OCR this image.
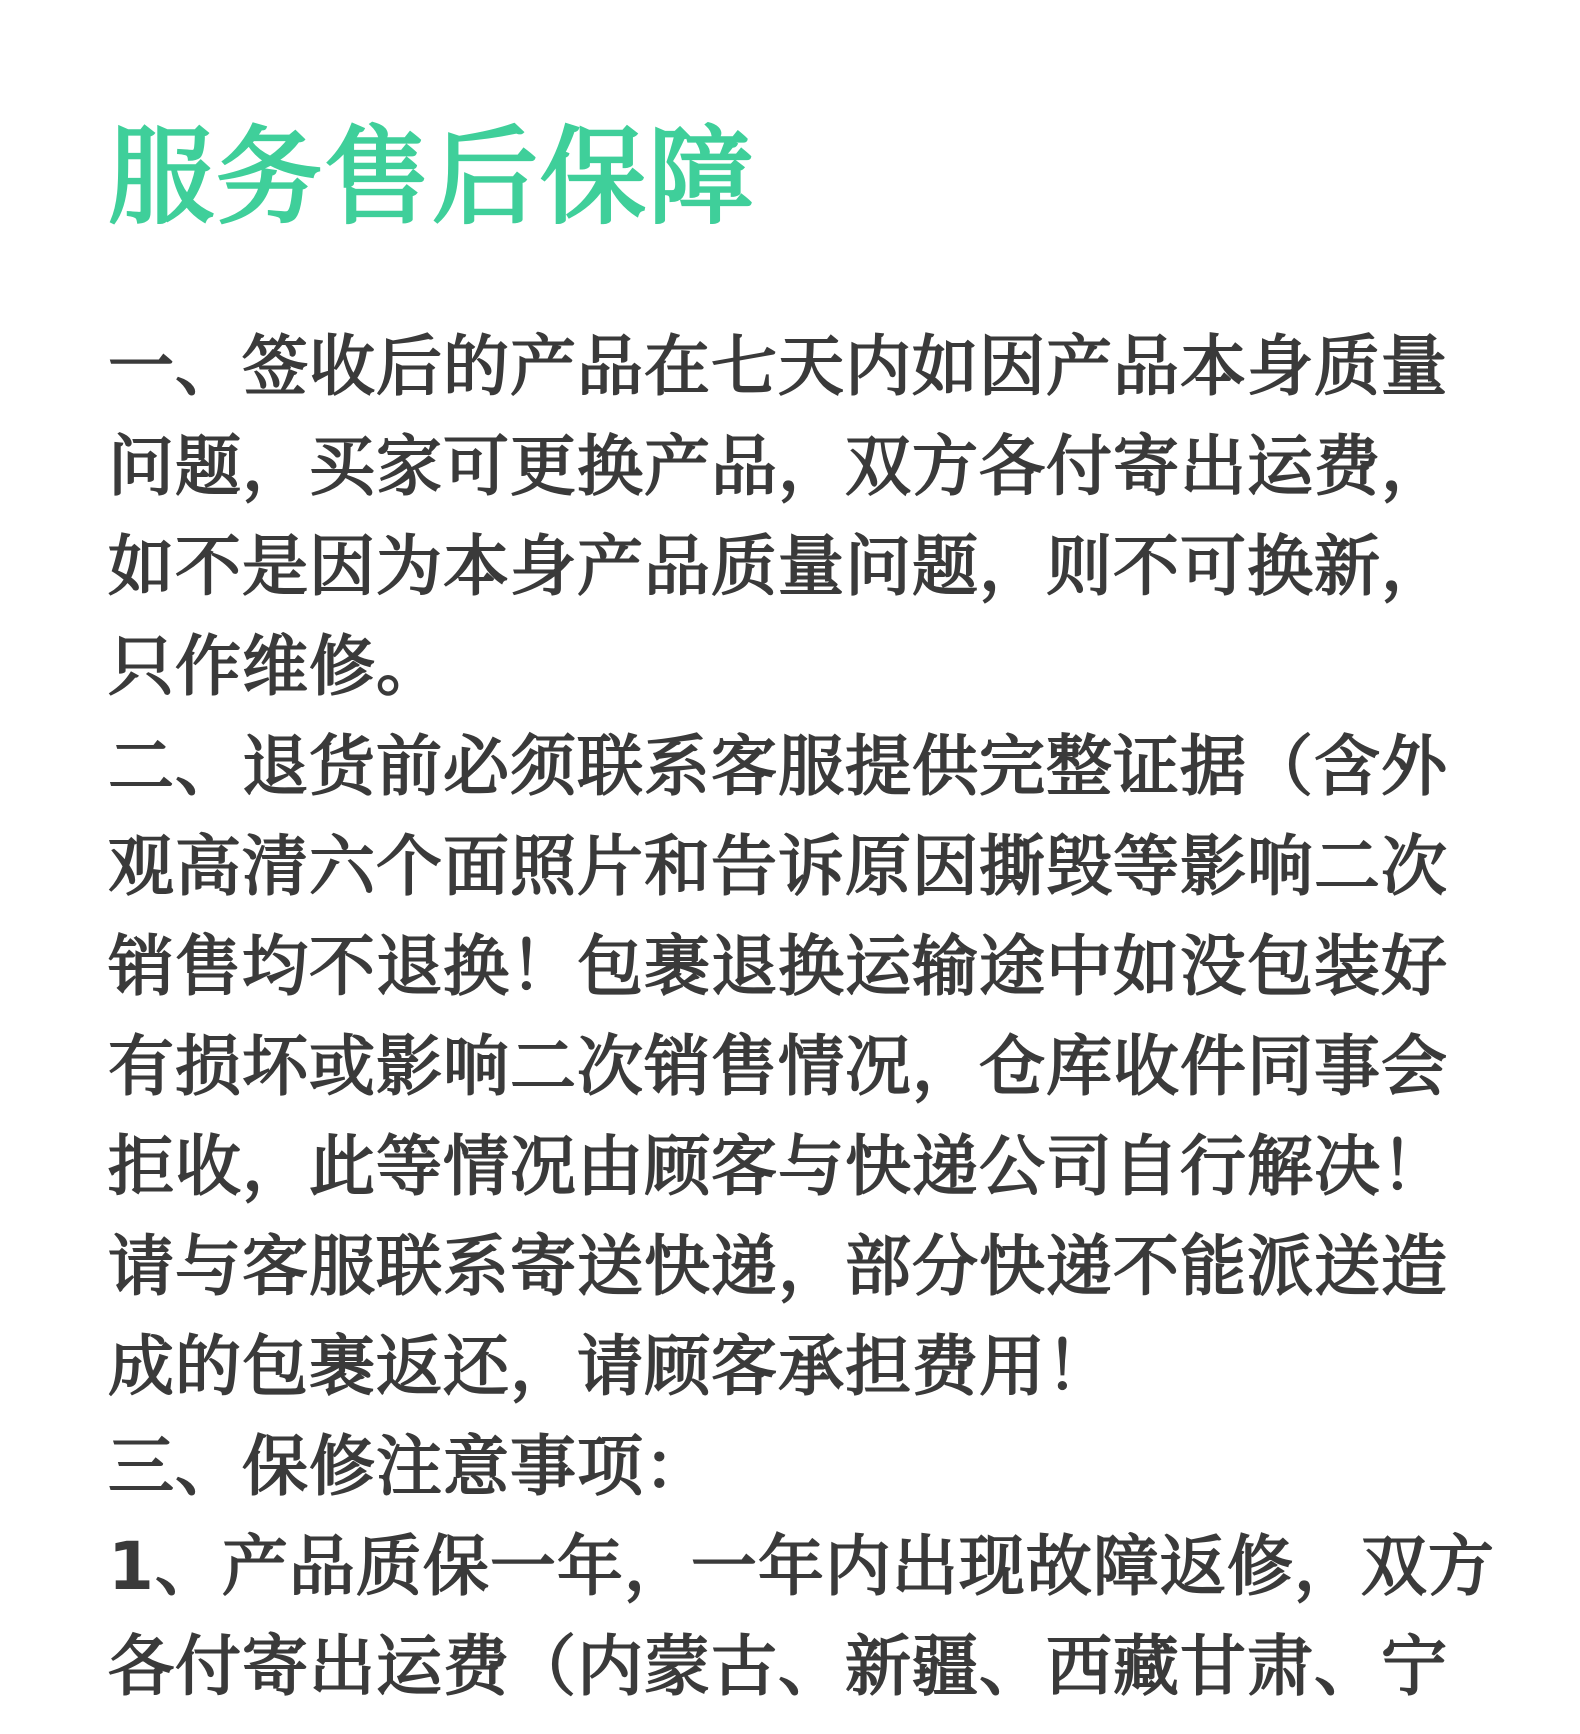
服务售后保障
一、签收后的产品在七天内如因产品本身质量
问题，买家可更换产品，双方各付寄出运费，
如不是因为本身产品质量问题，则不可换新，
只作维修。
二、退货前必须联系客服提供完整证据（含外
观高清六个面照片和告诉原因撕毁等影响二次
销售均不退换！包裹退换运输途中如没包装好
有损坏或影响二次销售情况，仓库收件同事会
拒收，此等情况由顾客与快递公司自行解决！
请与客服联系寄送快递，部分快递不能派送造
成的包裹返还，请顾客承担费用！
三、保修注意事项：
1、产品质保一年，一年内出现故障返修，双方
各付寄出运费（内蒙古、新疆、西藏甘肃、宁
